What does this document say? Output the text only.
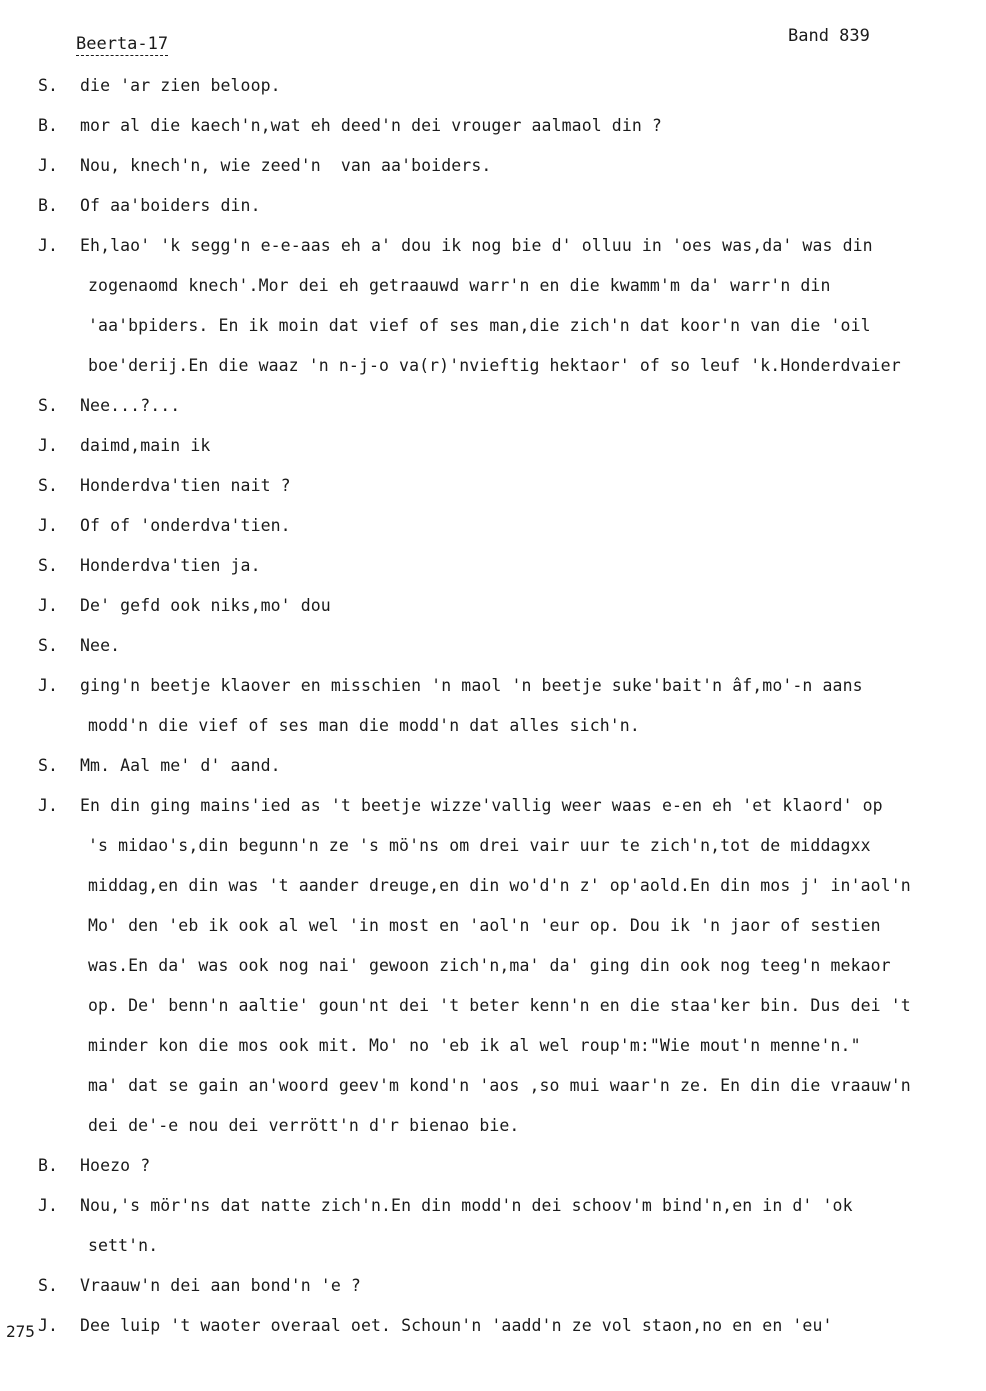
Beerta-17	Band 839
S.	die 'ar zien beloop.
B.	mor al die kaech'n,wat eh deed'n dei vrouger aalmaol din ?
J.	Nou, knech'n, wie zeed'n  van aa'boiders.
B.	Of aa'boiders din.
J.	Eh,lao' 'k segg'n e-e-aas eh a' dou ik nog bie d' olluu in 'oes was,da' was din
zogenaomd knech'.Mor dei eh getraauwd warr'n en die kwamm'm da' warr'n din
'aa'bpiders. En ik moin dat vief of ses man,die zich'n dat koor'n van die 'oil
boe'derij.En die waaz 'n n-j-o va(r)'nvieftig hektaor' of so leuf 'k.Honderdvaier
S.	Nee...?...
J.	daimd,main ik
S.	Honderdva'tien nait ?
J.	Of of 'onderdva'tien.
S.	Honderdva'tien ja.
J.	De' gefd ook niks,mo' dou
S.	Nee.
J.	ging'n beetje klaover en misschien 'n maol 'n beetje suke'bait'n âf,mo'-n aans
modd'n die vief of ses man die modd'n dat alles sich'n.
S.	Mm. Aal me' d' aand.
J.	En din ging mains'ied as 't beetje wizze'vallig weer waas e-en eh 'et klaord' op
's midao's,din begunn'n ze 's mö'ns om drei vair uur te zich'n,tot de middagxx
middag,en din was 't aander dreuge,en din wo'd'n z' op'aold.En din mos j' in'aol'n
Mo' den 'eb ik ook al wel 'in most en 'aol'n 'eur op. Dou ik 'n jaor of sestien
was.En da' was ook nog nai' gewoon zich'n,ma' da' ging din ook nog teeg'n mekaor
op. De' benn'n aaltie' goun'nt dei 't beter kenn'n en die staa'ker bin. Dus dei 't
minder kon die mos ook mit. Mo' no 'eb ik al wel roup'm:"Wie mout'n menne'n."
ma' dat se gain an'woord geev'm kond'n 'aos ,so mui waar'n ze. En din die vraauw'n
dei de'-e nou dei verrött'n d'r bienao bie.
B.	Hoezo ?
J.	Nou,'s mör'ns dat natte zich'n.En din modd'n dei schoov'm bind'n,en in d' 'ok
sett'n.
S.	Vraauw'n dei aan bond'n 'e ?
J.	Dee luip 't waoter overaal oet. Schoun'n 'aadd'n ze vol staon,no en en 'eu'
275
